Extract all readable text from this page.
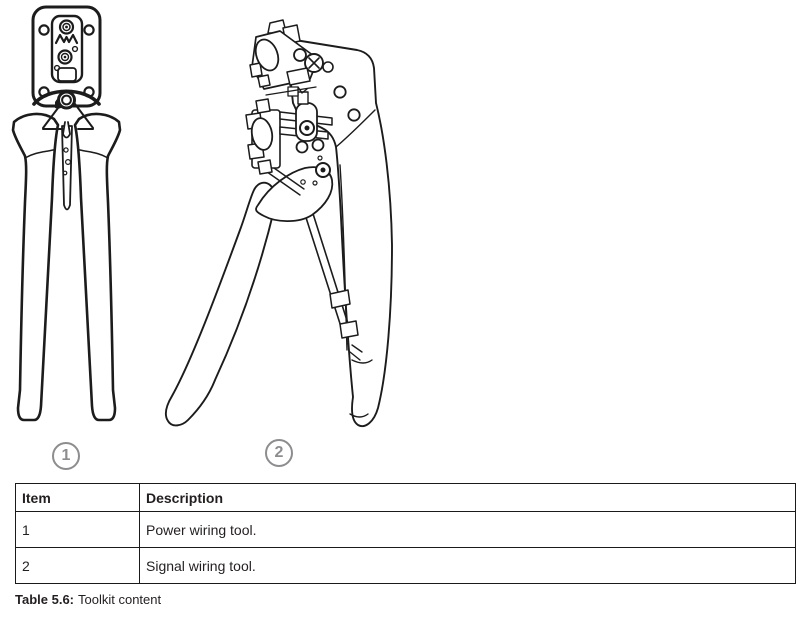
1	2
Item	Description
1	Power wiring tool.
2	Signal wiring tool.

Table 5.6: Toolkit content
